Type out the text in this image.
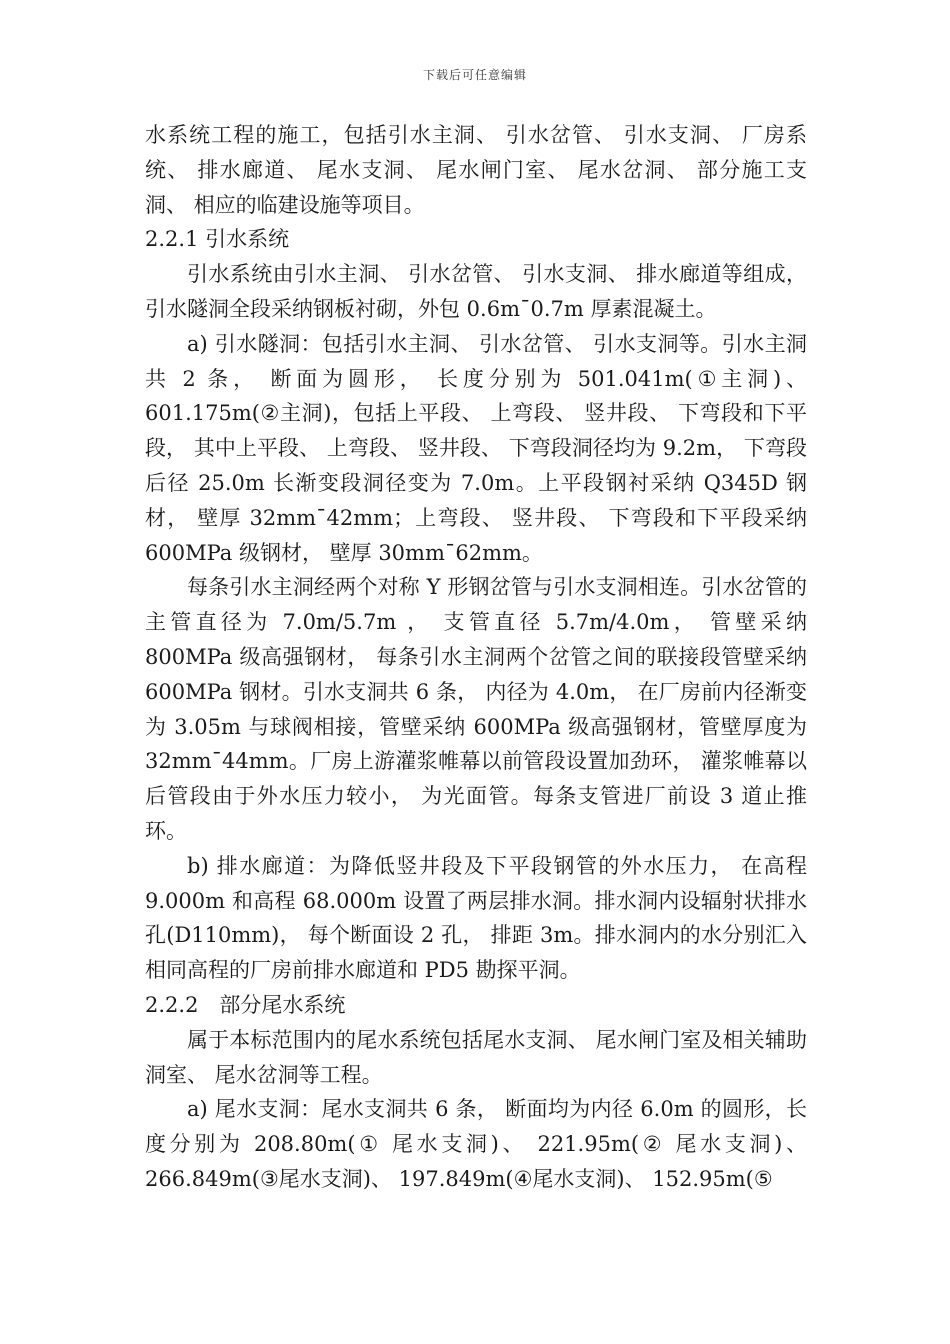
下载后可任意编辑

水系统工程的施工，包括引水主洞、 引水岔管、 引水支洞、 厂房系统、 排水廊道、 尾水支洞、 尾水闸门室、 尾水岔洞、 部分施工支洞、 相应的临建设施等项目。

2.2.1 引水系统

引水系统由引水主洞、 引水岔管、 引水支洞、 排水廊道等组成，引水隧洞全段采纳钢板衬砌，外包 0.6m¯0.7m 厚素混凝土。

a) 引水隧洞：包括引水主洞、 引水岔管、 引水支洞等。引水主洞共 2 条， 断面为圆形， 长度分别为 501.041m(①主洞)、601.175m(②主洞)，包括上平段、 上弯段、 竖井段、 下弯段和下平段， 其中上平段、 上弯段、 竖井段、 下弯段洞径均为 9.2m， 下弯段后径 25.0m 长渐变段洞径变为 7.0m。上平段钢衬采纳 Q345D 钢材， 壁厚 32mm¯42mm；上弯段、 竖井段、 下弯段和下平段采纳 600MPa 级钢材， 壁厚 30mm¯62mm。

每条引水主洞经两个对称 Y 形钢岔管与引水支洞相连。引水岔管的主管直径为 7.0m/5.7m ， 支管直径 5.7m/4.0m， 管壁采纳 800MPa 级高强钢材， 每条引水主洞两个岔管之间的联接段管壁采纳 600MPa 钢材。引水支洞共 6 条， 内径为 4.0m， 在厂房前内径渐变为 3.05m 与球阀相接，管壁采纳 600MPa 级高强钢材，管壁厚度为 32mm¯44mm。厂房上游灌浆帷幕以前管段设置加劲环， 灌浆帷幕以后管段由于外水压力较小， 为光面管。每条支管进厂前设 3 道止推环。

b) 排水廊道：为降低竖井段及下平段钢管的外水压力， 在高程 9.000m 和高程 68.000m 设置了两层排水洞。排水洞内设辐射状排水孔(D110mm)， 每个断面设 2 孔， 排距 3m。排水洞内的水分别汇入相同高程的厂房前排水廊道和 PD5 勘探平洞。

2.2.2　部分尾水系统

属于本标范围内的尾水系统包括尾水支洞、 尾水闸门室及相关辅助洞室、 尾水岔洞等工程。

a) 尾水支洞：尾水支洞共 6 条， 断面均为内径 6.0m 的圆形，长度分别为 208.80m(① 尾水支洞)、 221.95m(② 尾水支洞)、266.849m(③尾水支洞)、 197.849m(④尾水支洞)、 152.95m(⑤
